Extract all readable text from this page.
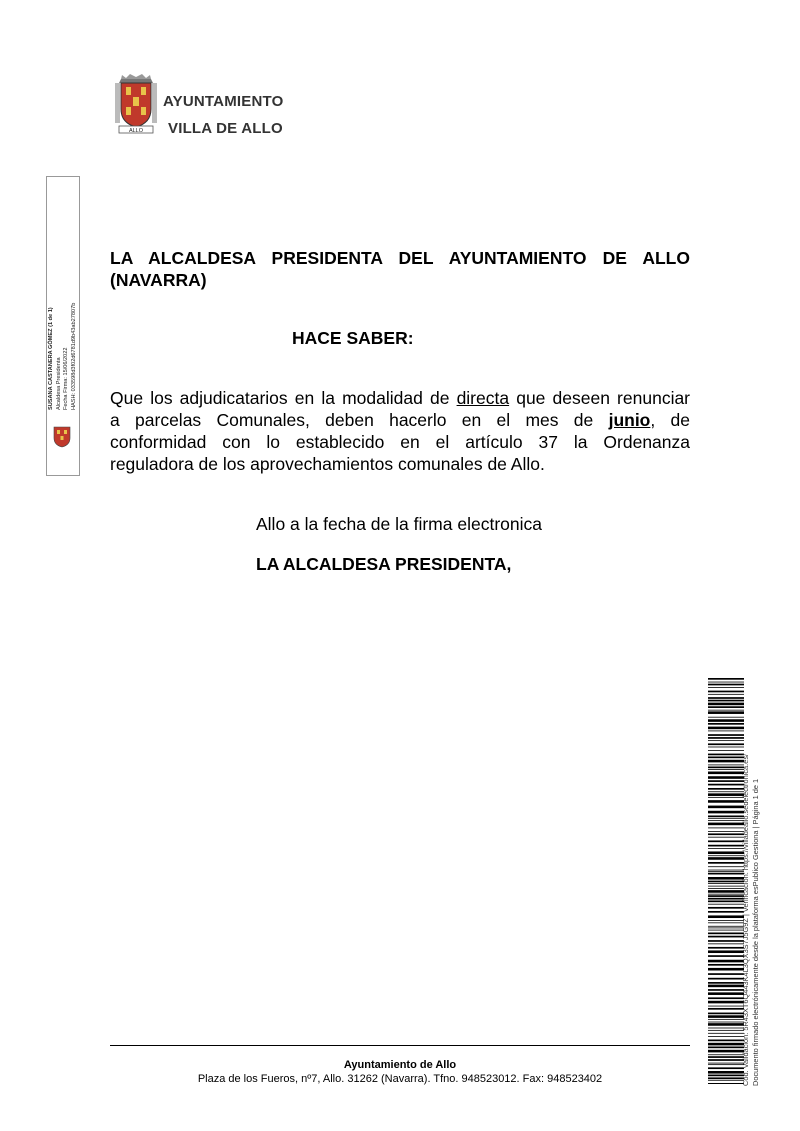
ALLO
AYUNTAMIENTO
VILLA DE ALLO
SUSANA CASTANERA GÓMEZ (1 de 1) Alcaldesa Presidenta Fecha Firma: 15/06/2022 HASH: 033598d3f02d6781d9b43ab27807b
LA ALCALDESA PRESIDENTA DEL AYUNTAMIENTO DE ALLO
(NAVARRA)
HACE SABER:
Que los adjudicatarios en la modalidad de directa que deseen renunciar
a parcelas Comunales, deben hacerlo en el mes de junio, de
conformidad con lo establecido en el artículo 37 la Ordenanza
reguladora de los aprovechamientos comunales de Allo.
Allo a la fecha de la firma electronica
LA ALCALDESA PRESIDENTA,
Cód. Validación: 5R43XT6Q443K4L3QX3S7J5G9Z | Verificación: https://villadeallo.sedelectronica.es/ Documento firmado electrónicamente desde la plataforma esPublico Gestiona | Página 1 de 1
Ayuntamiento de Allo
Plaza de los Fueros, nº7, Allo. 31262 (Navarra). Tfno. 948523012. Fax: 948523402
